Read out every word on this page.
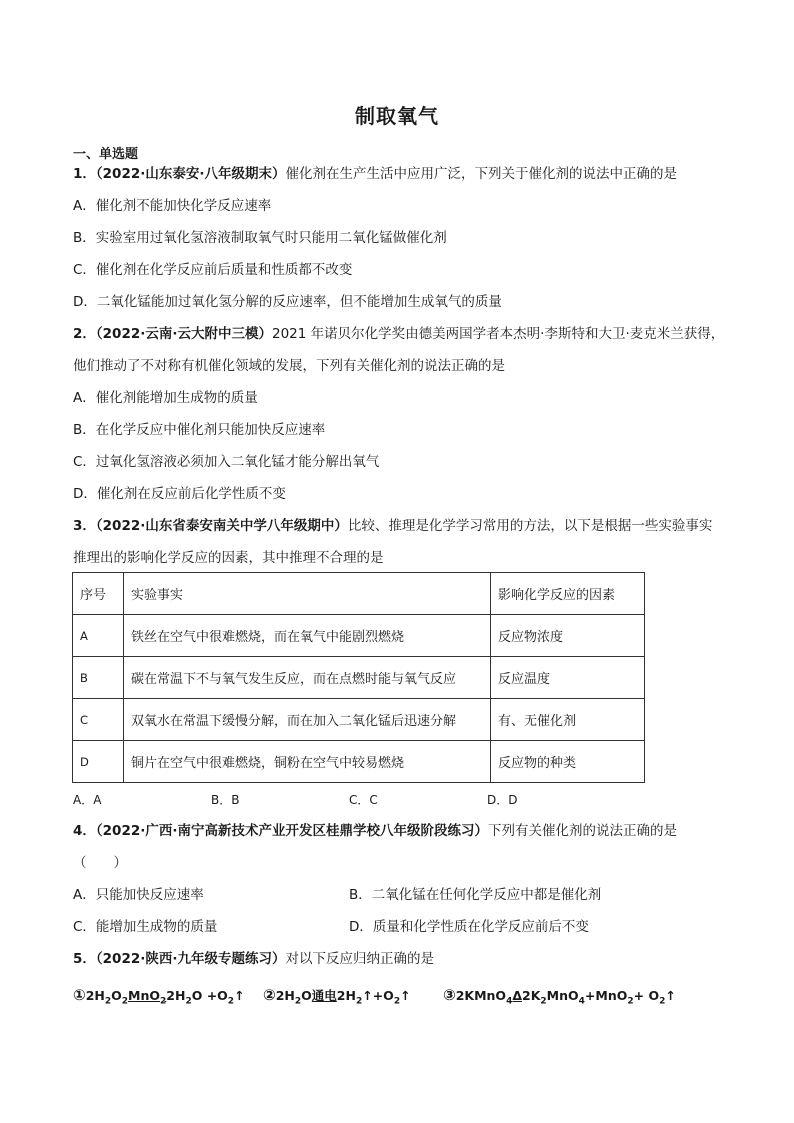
制取氧气
一、单选题
1．（2022·山东泰安·八年级期末）催化剂在生产生活中应用广泛，下列关于催化剂的说法中正确的是
A．催化剂不能加快化学反应速率
B．实验室用过氧化氢溶液制取氧气时只能用二氧化锰做催化剂
C．催化剂在化学反应前后质量和性质都不改变
D．二氧化锰能加过氧化氢分解的反应速率，但不能增加生成氧气的质量
2．（2022·云南·云大附中三模）2021 年诺贝尔化学奖由德美两国学者本杰明·李斯特和大卫·麦克米兰获得，
他们推动了不对称有机催化领域的发展，下列有关催化剂的说法正确的是
A．催化剂能增加生成物的质量
B．在化学反应中催化剂只能加快反应速率
C．过氧化氢溶液必须加入二氧化锰才能分解出氧气
D．催化剂在反应前后化学性质不变
3．（2022·山东省泰安南关中学八年级期中）比较、推理是化学学习常用的方法，以下是根据一些实验事实
推理出的影响化学反应的因素，其中推理不合理的是
序号	实验事实	影响化学反应的因素
A	铁丝在空气中很难燃烧，而在氧气中能剧烈燃烧	反应物浓度
B	碳在常温下不与氧气发生反应，而在点燃时能与氧气反应	反应温度
C	双氧水在常温下缓慢分解，而在加入二氧化锰后迅速分解	有、无催化剂
D	铜片在空气中很难燃烧，铜粉在空气中较易燃烧	反应物的种类
A．A	B．B	C．C	D．D
4．（2022·广西·南宁高新技术产业开发区桂鼎学校八年级阶段练习）下列有关催化剂的说法正确的是
（　　）
A．只能加快反应速率	B．二氧化锰在任何化学反应中都是催化剂
C．能增加生成物的质量	D．质量和化学性质在化学反应前后不变
5．（2022·陕西·九年级专题练习）对以下反应归纳正确的是
$①2H_2O_2MnO_22H_2O$ $+O_2↑$ $②2H_2O$通电$2H_2↑+O_2↑$ $③2KMnO_4\Delta 2K_2MnO_4+MnO_2+$ $O_2↑$
